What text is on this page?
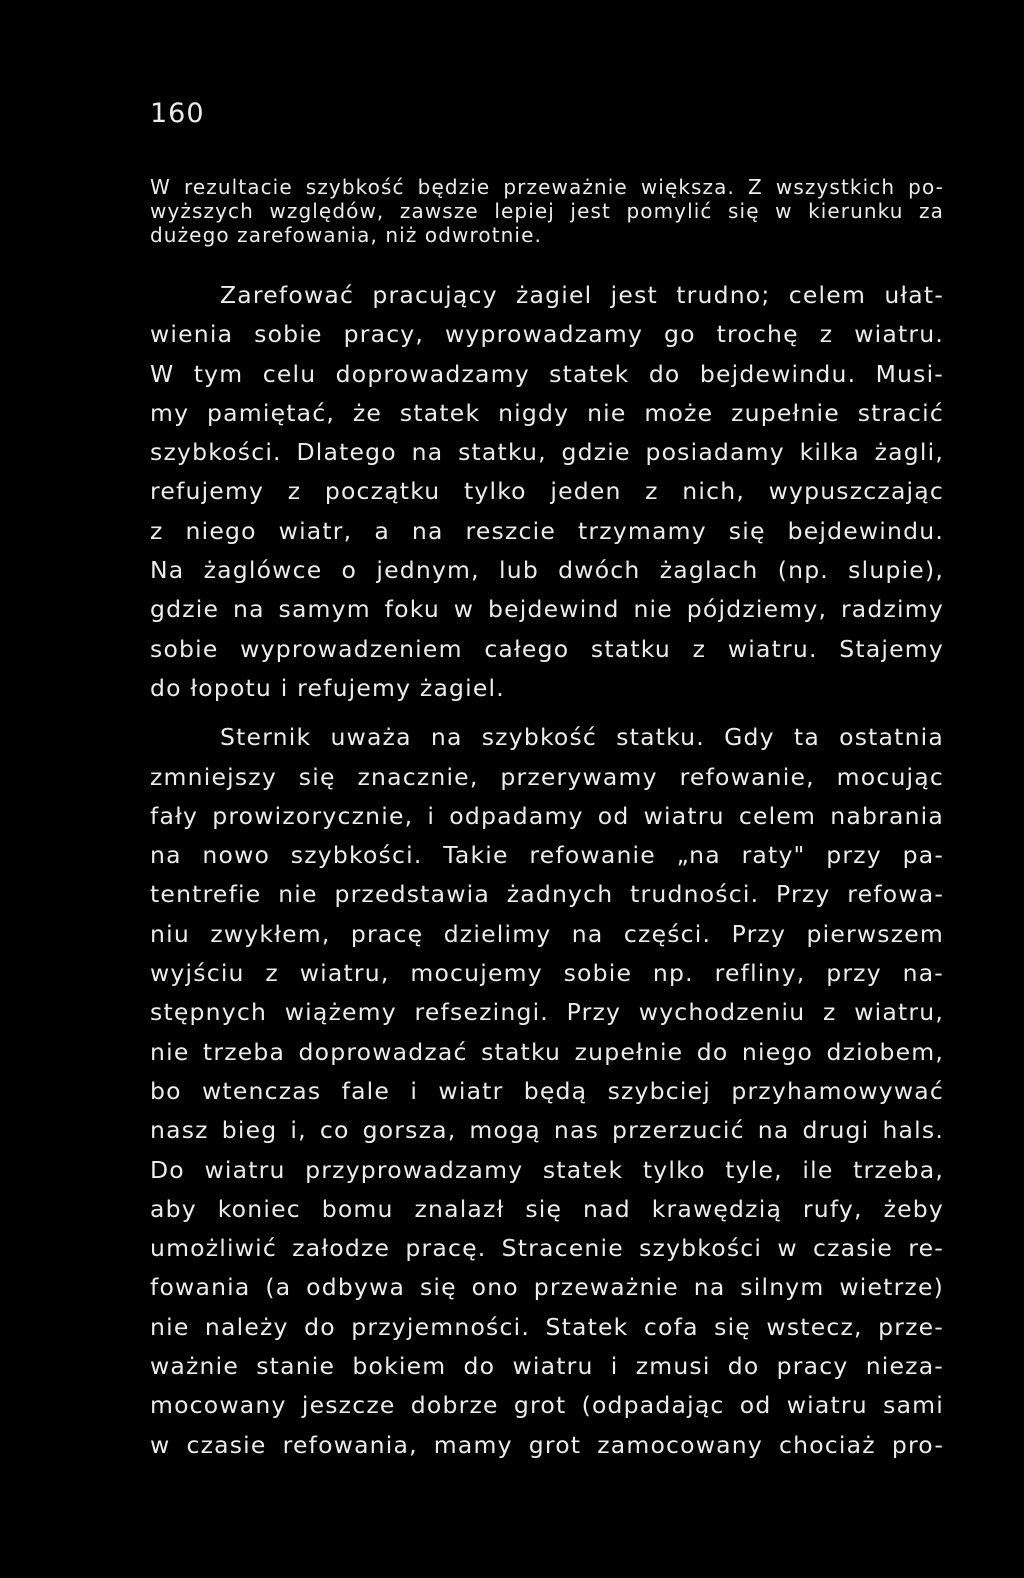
160
W rezultacie szybkość będzie przeważnie większa. Z wszystkich po-
wyższych względów, zawsze lepiej jest pomylić się w kierunku za
dużego zarefowania, niż odwrotnie.
Zarefować pracujący żagiel jest trudno; celem ułat-
wienia sobie pracy, wyprowadzamy go trochę z wiatru.
W tym celu doprowadzamy statek do bejdewindu. Musi-
my pamiętać, że statek nigdy nie może zupełnie stracić
szybkości. Dlatego na statku, gdzie posiadamy kilka żagli,
refujemy z początku tylko jeden z nich, wypuszczając
z niego wiatr, a na reszcie trzymamy się bejdewindu.
Na żaglówce o jednym, lub dwóch żaglach (np. slupie),
gdzie na samym foku w bejdewind nie pójdziemy, radzimy
sobie wyprowadzeniem całego statku z wiatru. Stajemy
do łopotu i refujemy żagiel.
Sternik uważa na szybkość statku. Gdy ta ostatnia
zmniejszy się znacznie, przerywamy refowanie, mocując
fały prowizorycznie, i odpadamy od wiatru celem nabrania
na nowo szybkości. Takie refowanie „na raty" przy pa-
tentrefie nie przedstawia żadnych trudności. Przy refowa-
niu zwykłem, pracę dzielimy na części. Przy pierwszem
wyjściu z wiatru, mocujemy sobie np. refliny, przy na-
stępnych wiążemy refsezingi. Przy wychodzeniu z wiatru,
nie trzeba doprowadzać statku zupełnie do niego dziobem,
bo wtenczas fale i wiatr będą szybciej przyhamowywać
nasz bieg i, co gorsza, mogą nas przerzucić na drugi hals.
Do wiatru przyprowadzamy statek tylko tyle, ile trzeba,
aby koniec bomu znalazł się nad krawędzią rufy, żeby
umożliwić załodze pracę. Stracenie szybkości w czasie re-
fowania (a odbywa się ono przeważnie na silnym wietrze)
nie należy do przyjemności. Statek cofa się wstecz, prze-
ważnie stanie bokiem do wiatru i zmusi do pracy nieza-
mocowany jeszcze dobrze grot (odpadając od wiatru sami
w czasie refowania, mamy grot zamocowany chociaż pro-
